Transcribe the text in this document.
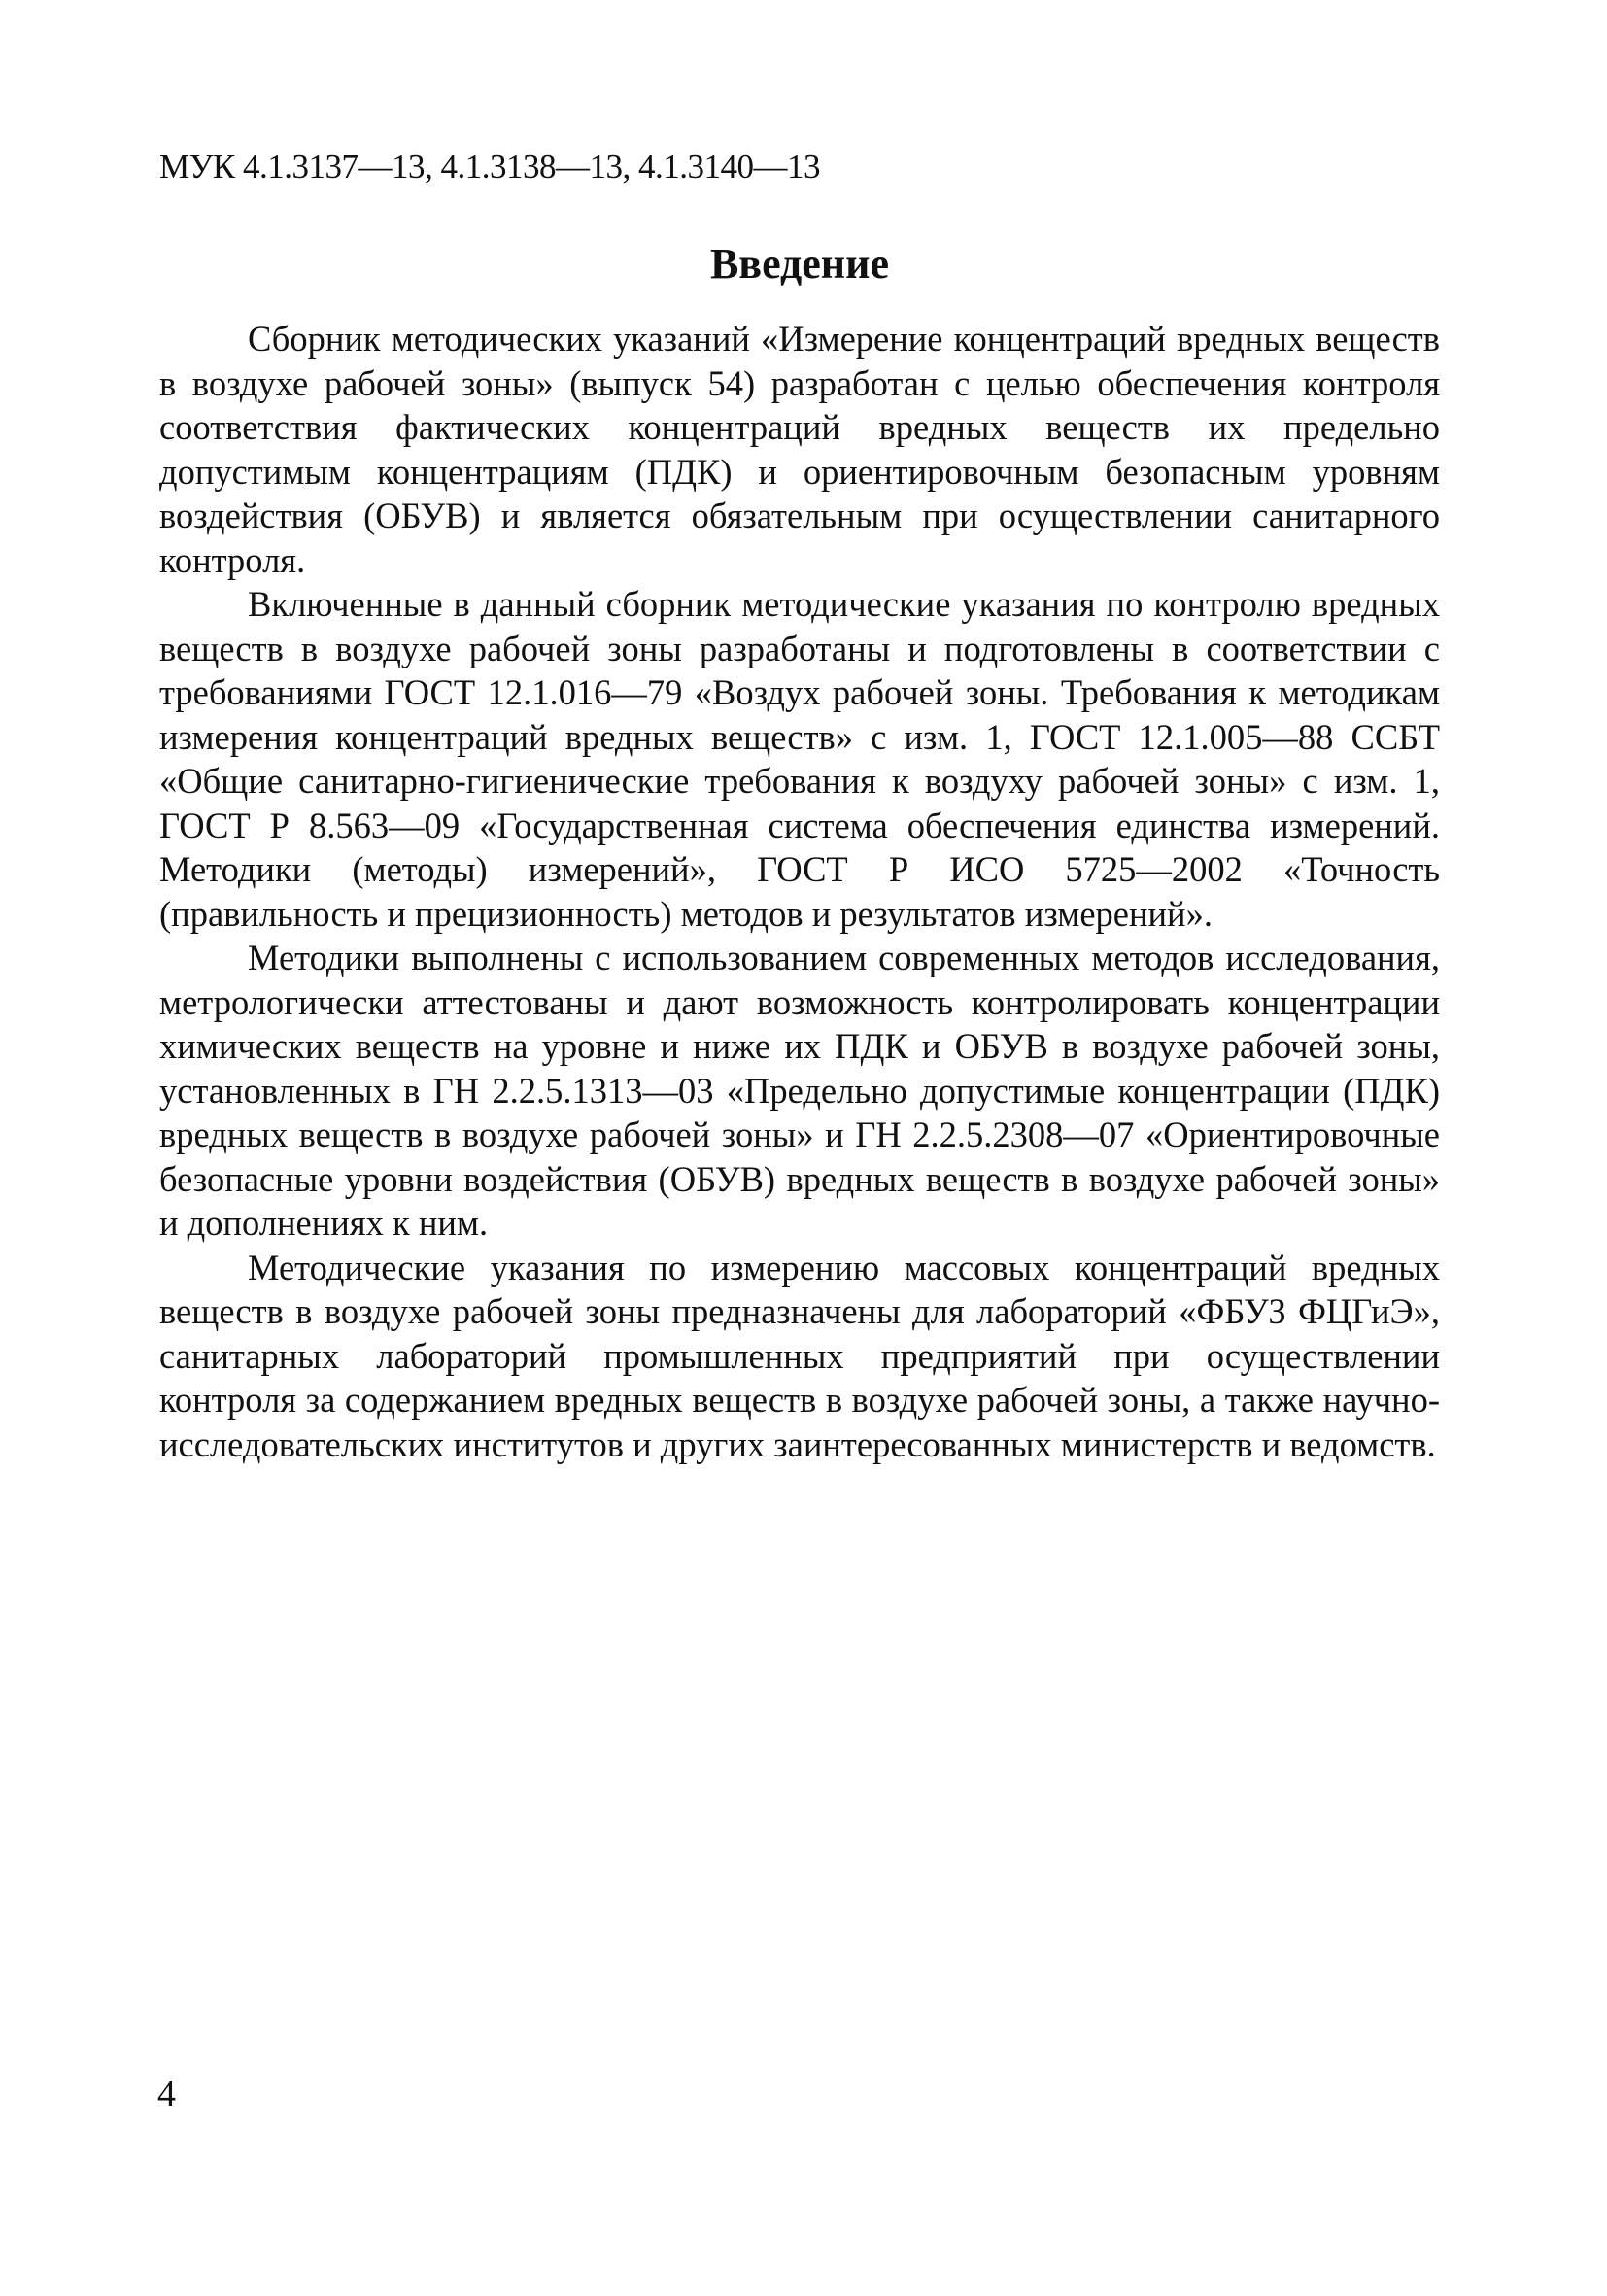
МУК 4.1.3137—13, 4.1.3138—13, 4.1.3140—13
Введение

Сборник методических указаний «Измерение концентраций вредных веществ в воздухе рабочей зоны» (выпуск 54) разработан с целью обеспечения контроля соответствия фактических концентраций вредных веществ их предельно допустимым концентрациям (ПДК) и ориентировочным безопасным уровням воздействия (ОБУВ) и является обязательным при осуществлении санитарного контроля.

Включенные в данный сборник методические указания по контролю вредных веществ в воздухе рабочей зоны разработаны и подготовлены в соответствии с требованиями ГОСТ 12.1.016—79 «Воздух рабочей зоны. Требования к методикам измерения концентраций вредных веществ» с изм. 1, ГОСТ 12.1.005—88 ССБТ «Общие санитарно-гигиенические требования к воздуху рабочей зоны» с изм. 1, ГОСТ Р 8.563—09 «Государственная система обеспечения единства измерений. Методики (методы) измерений», ГОСТ Р ИСО 5725—2002 «Точность (правильность и прецизионность) методов и результатов измерений».

Методики выполнены с использованием современных методов исследования, метрологически аттестованы и дают возможность контролировать концентрации химических веществ на уровне и ниже их ПДК и ОБУВ в воздухе рабочей зоны, установленных в ГН 2.2.5.1313—03 «Предельно допустимые концентрации (ПДК) вредных веществ в воздухе рабочей зоны» и ГН 2.2.5.2308—07 «Ориентировочные безопасные уровни воздействия (ОБУВ) вредных веществ в воздухе рабочей зоны» и дополнениях к ним.

Методические указания по измерению массовых концентраций вредных веществ в воздухе рабочей зоны предназначены для лабораторий «ФБУЗ ФЦГиЭ», санитарных лабораторий промышленных предприятий при осуществлении контроля за содержанием вредных веществ в воздухе рабочей зоны, а также научно-исследовательских институтов и других заинтересованных министерств и ведомств.

4
